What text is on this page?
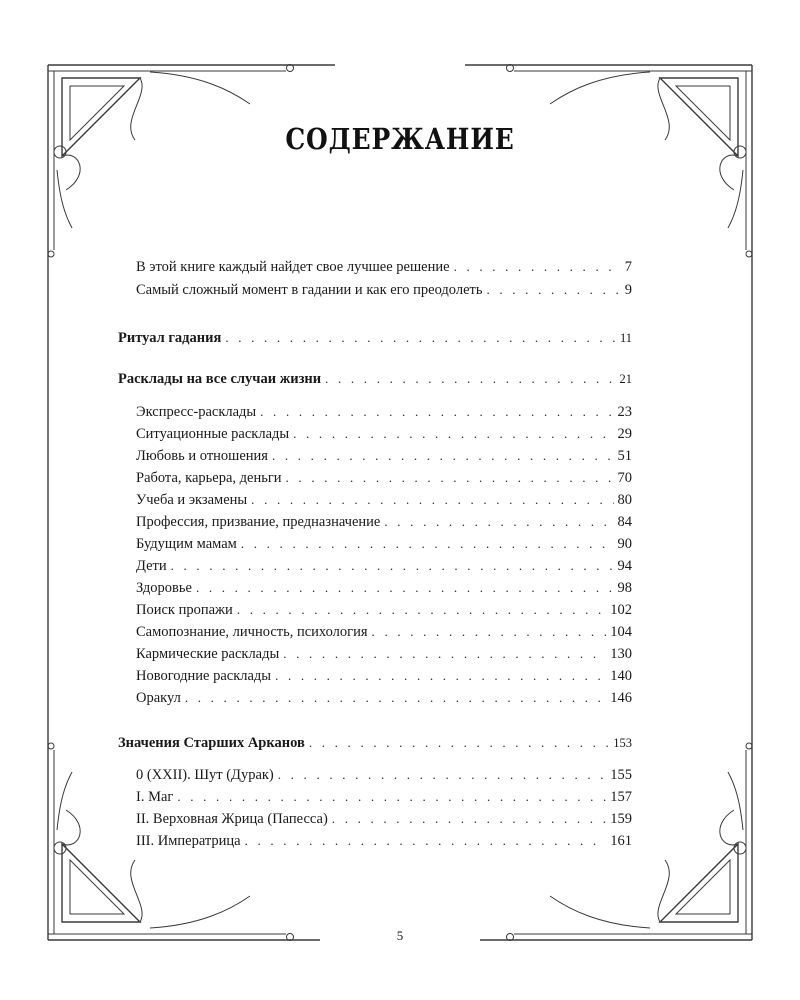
СОДЕРЖАНИЕ
В этой книге каждый найдет свое лучшее решение . . .	7
Самый сложный момент в гадании и как его преодолеть . . .	9
Ритуал гадания . . .	11
Расклады на все случаи жизни . . .	21
Экспресс-расклады . . .	23
Ситуационные расклады . . .	29
Любовь и отношения . . .	51
Работа, карьера, деньги . . .	70
Учеба и экзамены . . .	80
Профессия, призвание, предназначение . . .	84
Будущим мамам . . .	90
Дети . . .	94
Здоровье . . .	98
Поиск пропажи . . .	102
Самопознание, личность, психология . . .	104
Кармические расклады . . .	130
Новогодние расклады . . .	140
Оракул . . .	146
Значения Старших Арканов . . .	153
0 (XXII). Шут (Дурак) . . .	155
I. Маг . . .	157
II. Верховная Жрица (Папесса) . . .	159
III. Императрица . . .	161
5
